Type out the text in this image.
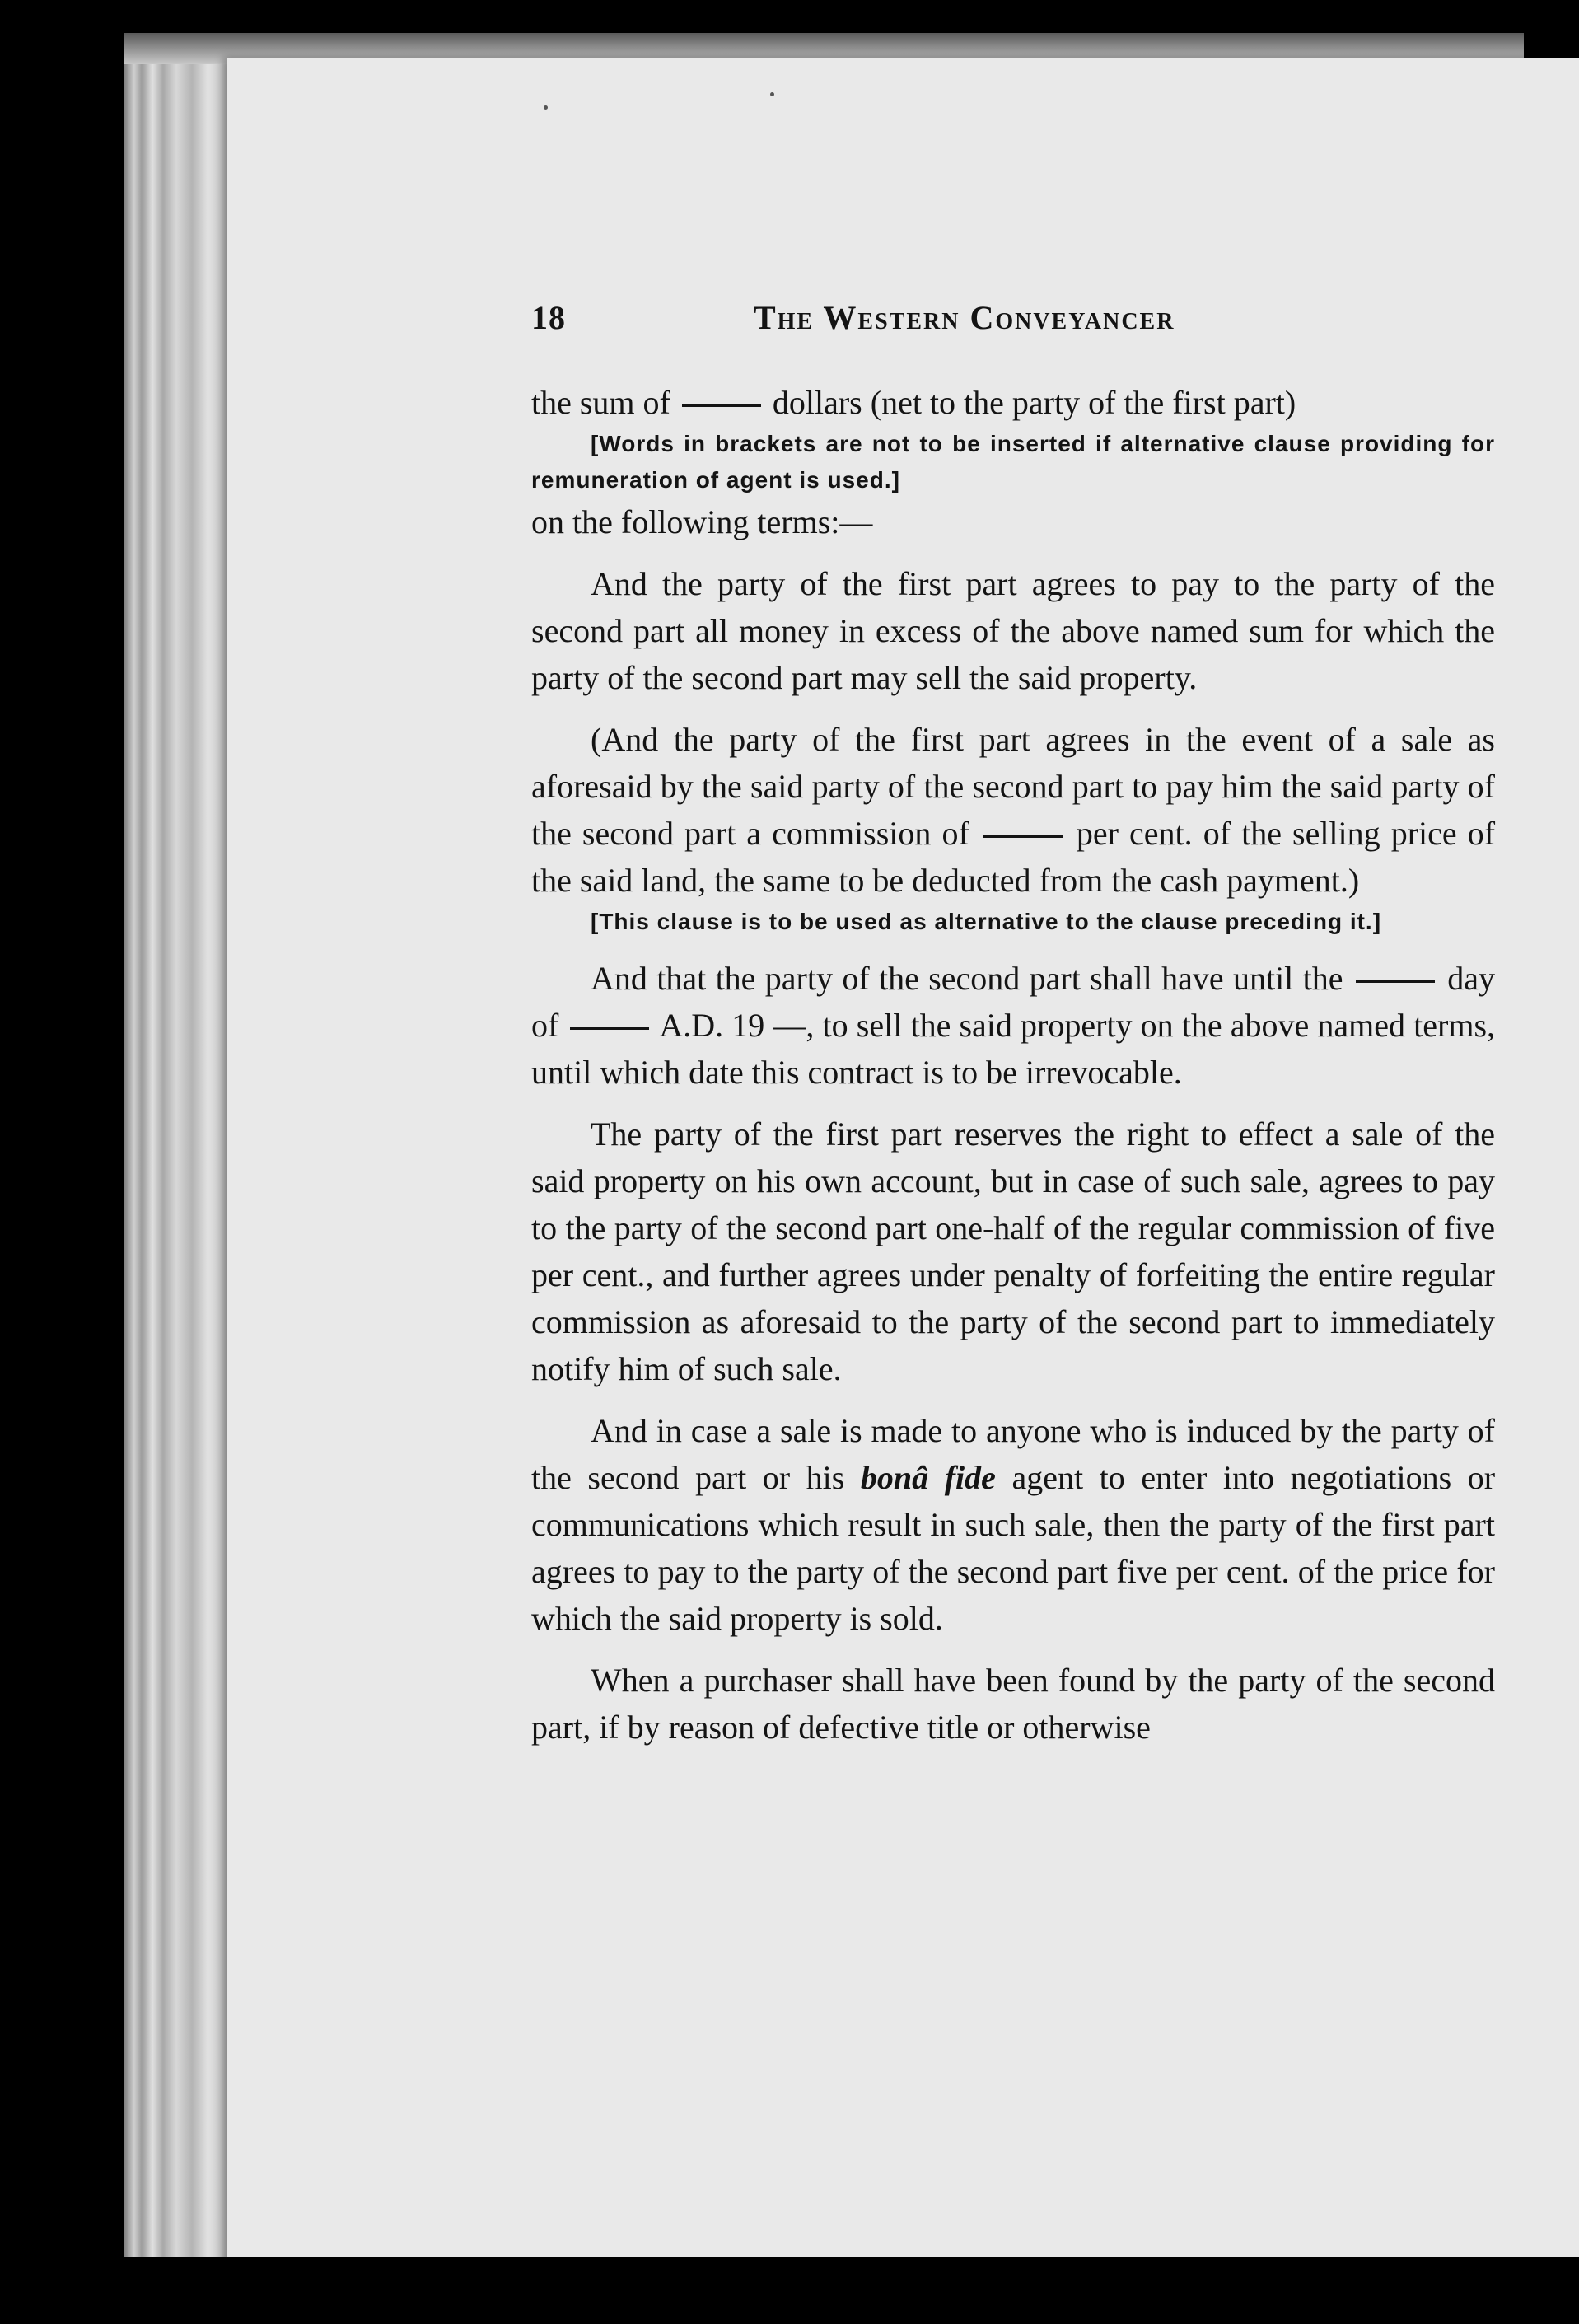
18	The Western Conveyancer

the sum of	dollars (net to the party of the first part)

[Words in brackets are not to be inserted if alternative clause providing for remuneration of agent is used.]

on the following terms:—

And the party of the first part agrees to pay to the party of the second part all money in excess of the above named sum for which the party of the second part may sell the said property.

(And the party of the first part agrees in the event of a sale as aforesaid by the said party of the second part to pay him the said party of the second part a commission of	per cent. of the selling price of the said land, the same to be deducted from the cash payment.)

[This clause is to be used as alternative to the clause preceding it.]

And that the party of the second part shall have until the	day of	A.D. 19 —, to sell the said property on the above named terms, until which date this contract is to be irrevocable.

The party of the first part reserves the right to effect a sale of the said property on his own account, but in case of such sale, agrees to pay to the party of the second part one-half of the regular commission of five per cent., and further agrees under penalty of forfeiting the entire regular commission as aforesaid to the party of the second part to immediately notify him of such sale.

And in case a sale is made to anyone who is induced by the party of the second part or his bonâ fide agent to enter into negotiations or communications which result in such sale, then the party of the first part agrees to pay to the party of the second part five per cent. of the price for which the said property is sold.

When a purchaser shall have been found by the party of the second part, if by reason of defective title or otherwise
